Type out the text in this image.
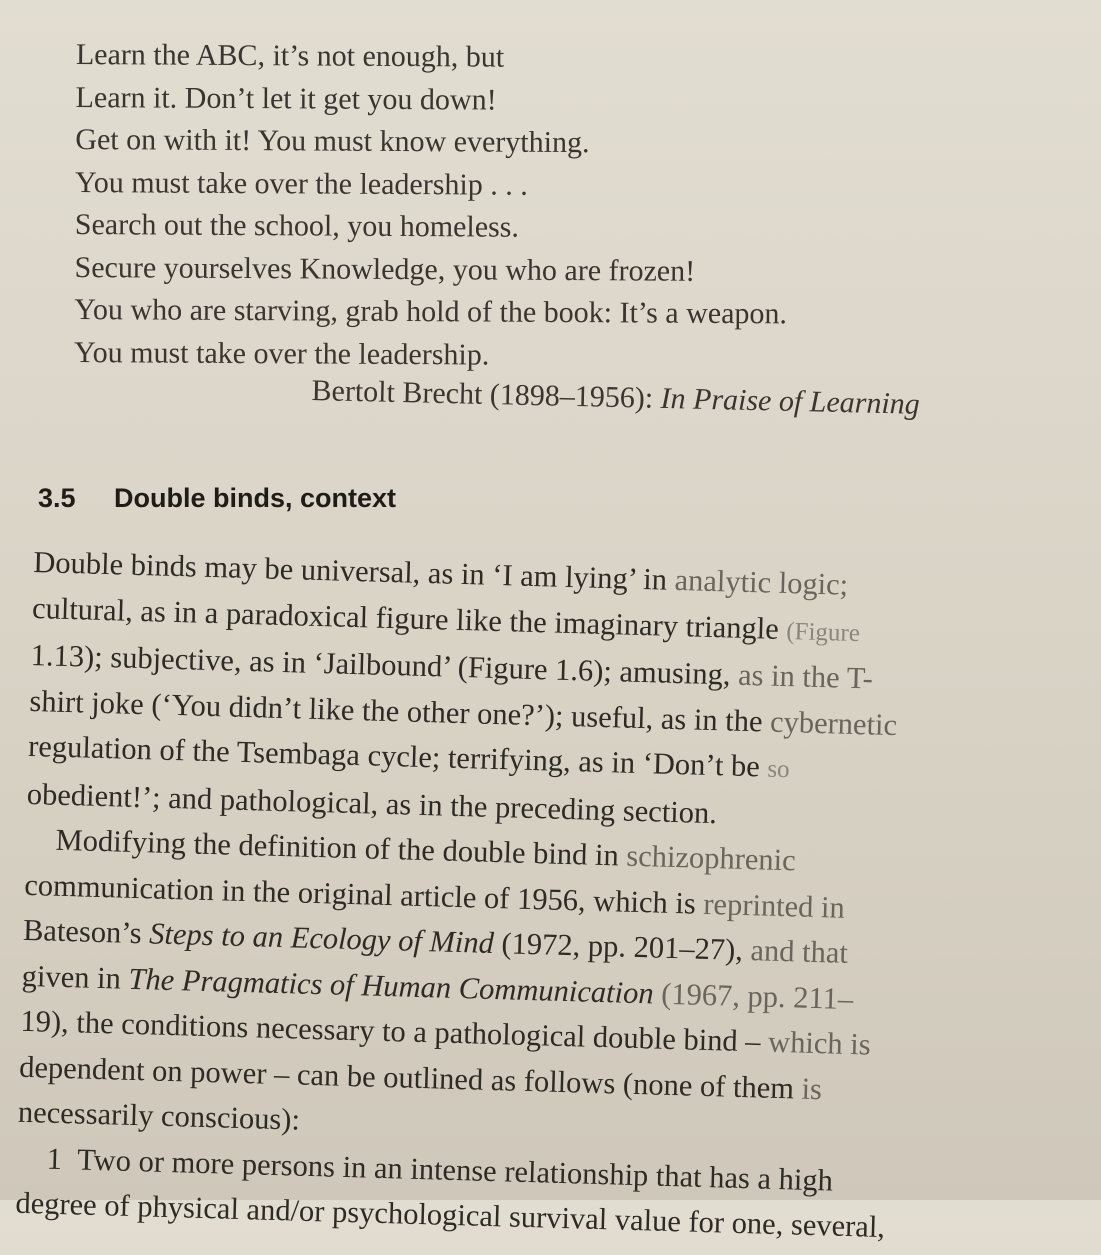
Learn the ABC, it’s not enough, but
Learn it. Don’t let it get you down!
Get on with it! You must know everything.
You must take over the leadership . . .
Search out the school, you homeless.
Secure yourselves Knowledge, you who are frozen!
You who are starving, grab hold of the book: It’s a weapon.
You must take over the leadership.
Bertolt Brecht (1898–1956): In Praise of Learning
3.5 Double binds, context
Double binds may be universal, as in ‘I am lying’ in analytic logic;
cultural, as in a paradoxical figure like the imaginary triangle (Figure
1.13); subjective, as in ‘Jailbound’ (Figure 1.6); amusing, as in the T-
shirt joke (‘You didn’t like the other one?’); useful, as in the cybernetic
regulation of the Tsembaga cycle; terrifying, as in ‘Don’t be so
obedient!’; and pathological, as in the preceding section.
Modifying the definition of the double bind in schizophrenic
communication in the original article of 1956, which is reprinted in
Bateson’s Steps to an Ecology of Mind (1972, pp. 201–27), and that
given in The Pragmatics of Human Communication (1967, pp. 211–
19), the conditions necessary to a pathological double bind – which is
dependent on power – can be outlined as follows (none of them is
necessarily conscious):
1 Two or more persons in an intense relationship that has a high
degree of physical and/or psychological survival value for one, several,
